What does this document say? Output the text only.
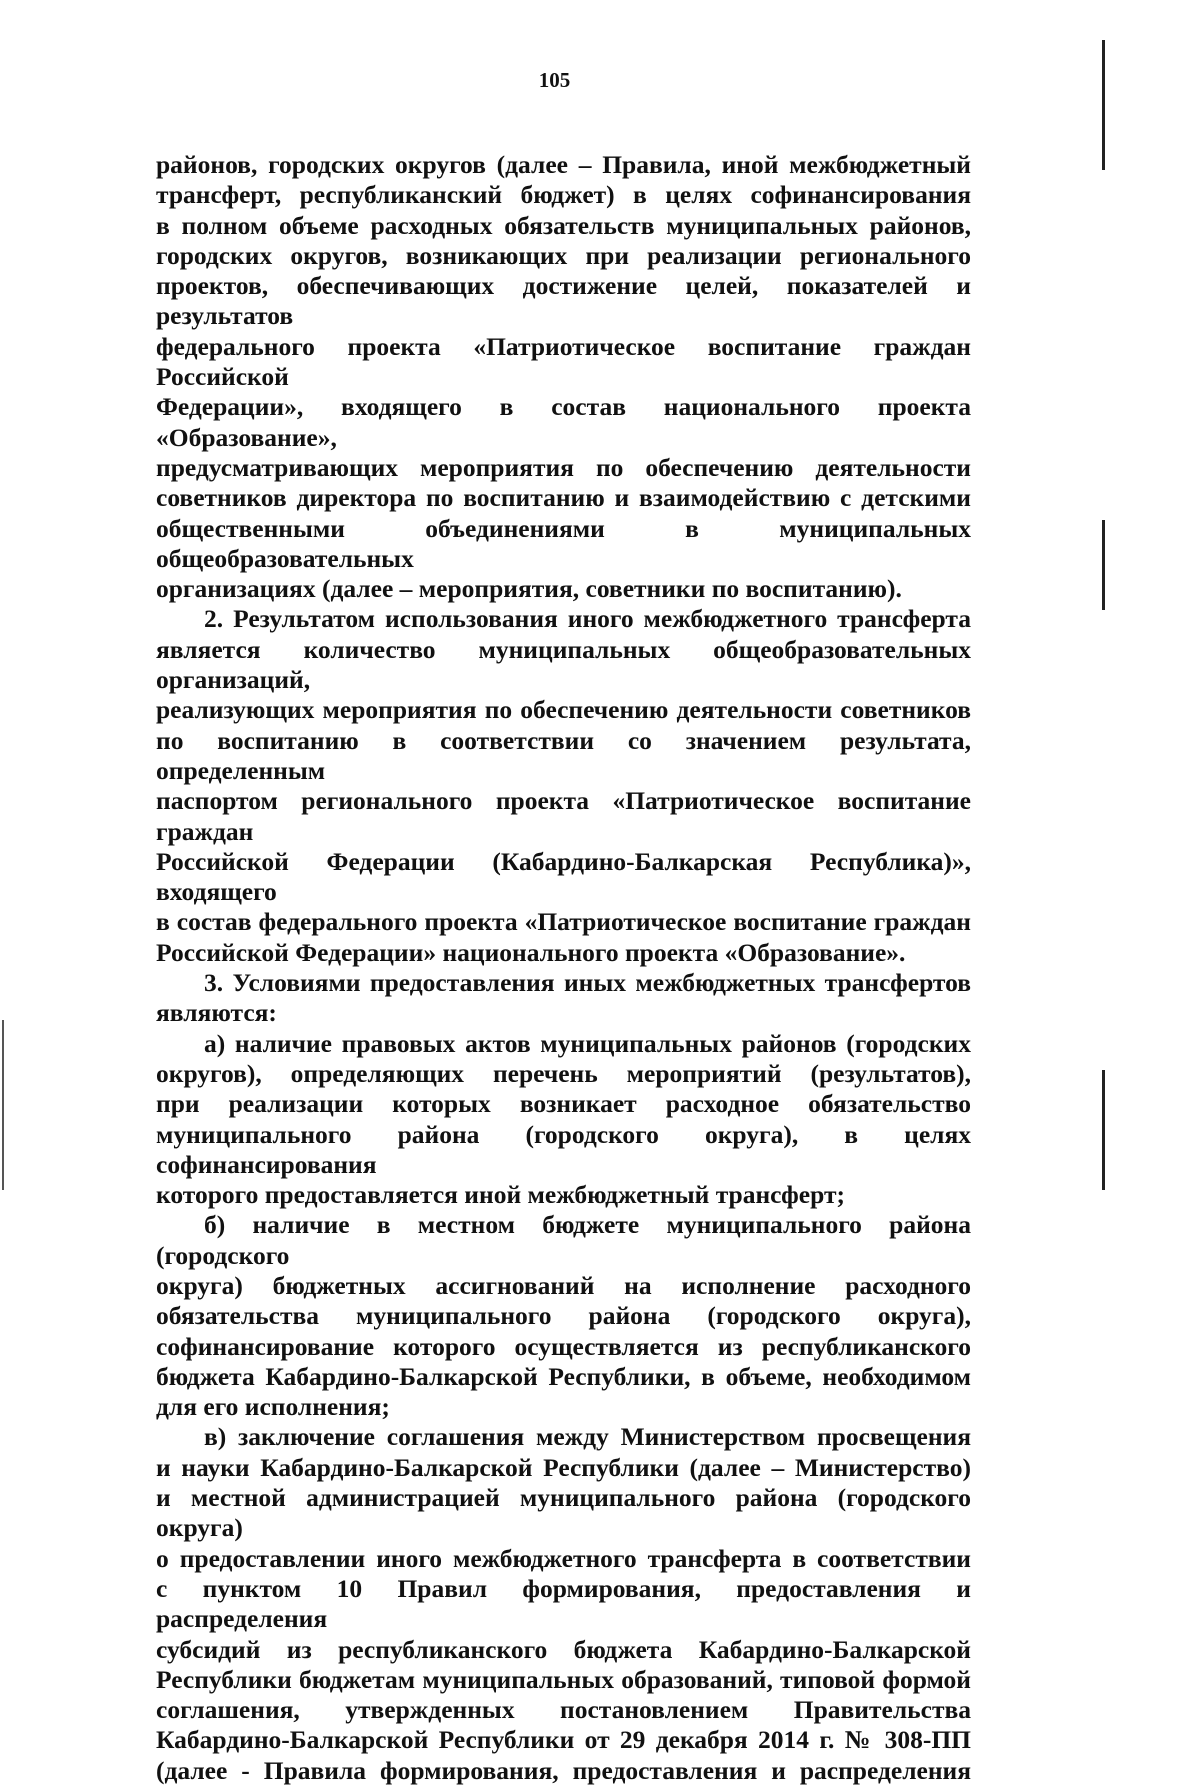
105

районов, городских округов (далее – Правила, иной межбюджетный

трансферт, республиканский бюджет) в целях софинансирования

в полном объеме расходных обязательств муниципальных районов,

городских округов, возникающих при реализации регионального

проектов, обеспечивающих достижение целей, показателей и результатов

федерального проекта «Патриотическое воспитание граждан Российской

Федерации», входящего в состав национального проекта «Образование»,

предусматривающих мероприятия по обеспечению деятельности

советников директора по воспитанию и взаимодействию с детскими

общественными объединениями в муниципальных общеобразовательных

организациях (далее – мероприятия, советники по воспитанию).

2. Результатом использования иного межбюджетного трансферта

является количество муниципальных общеобразовательных организаций,

реализующих мероприятия по обеспечению деятельности советников

по воспитанию в соответствии со значением результата, определенным

паспортом регионального проекта «Патриотическое воспитание граждан

Российской Федерации (Кабардино-Балкарская Республика)», входящего

в состав федерального проекта «Патриотическое воспитание граждан

Российской Федерации» национального проекта «Образование».

3. Условиями предоставления иных межбюджетных трансфертов

являются:

а) наличие правовых актов муниципальных районов (городских

округов), определяющих перечень мероприятий (результатов),

при реализации которых возникает расходное обязательство

муниципального района (городского округа), в целях софинансирования

которого предоставляется иной межбюджетный трансферт;

б) наличие в местном бюджете муниципального района (городского

округа) бюджетных ассигнований на исполнение расходного

обязательства муниципального района (городского округа),

софинансирование которого осуществляется из республиканского

бюджета Кабардино-Балкарской Республики, в объеме, необходимом

для его исполнения;

в) заключение соглашения между Министерством просвещения

и науки Кабардино-Балкарской Республики (далее – Министерство)

и местной администрацией муниципального района (городского округа)

о предоставлении иного межбюджетного трансферта в соответствии

с пунктом 10 Правил формирования, предоставления и распределения

субсидий из республиканского бюджета Кабардино-Балкарской

Республики бюджетам муниципальных образований, типовой формой

соглашения, утвержденных постановлением Правительства

Кабардино-Балкарской Республики от 29 декабря 2014 г. № 308-ПП

(далее - Правила формирования, предоставления и распределения
